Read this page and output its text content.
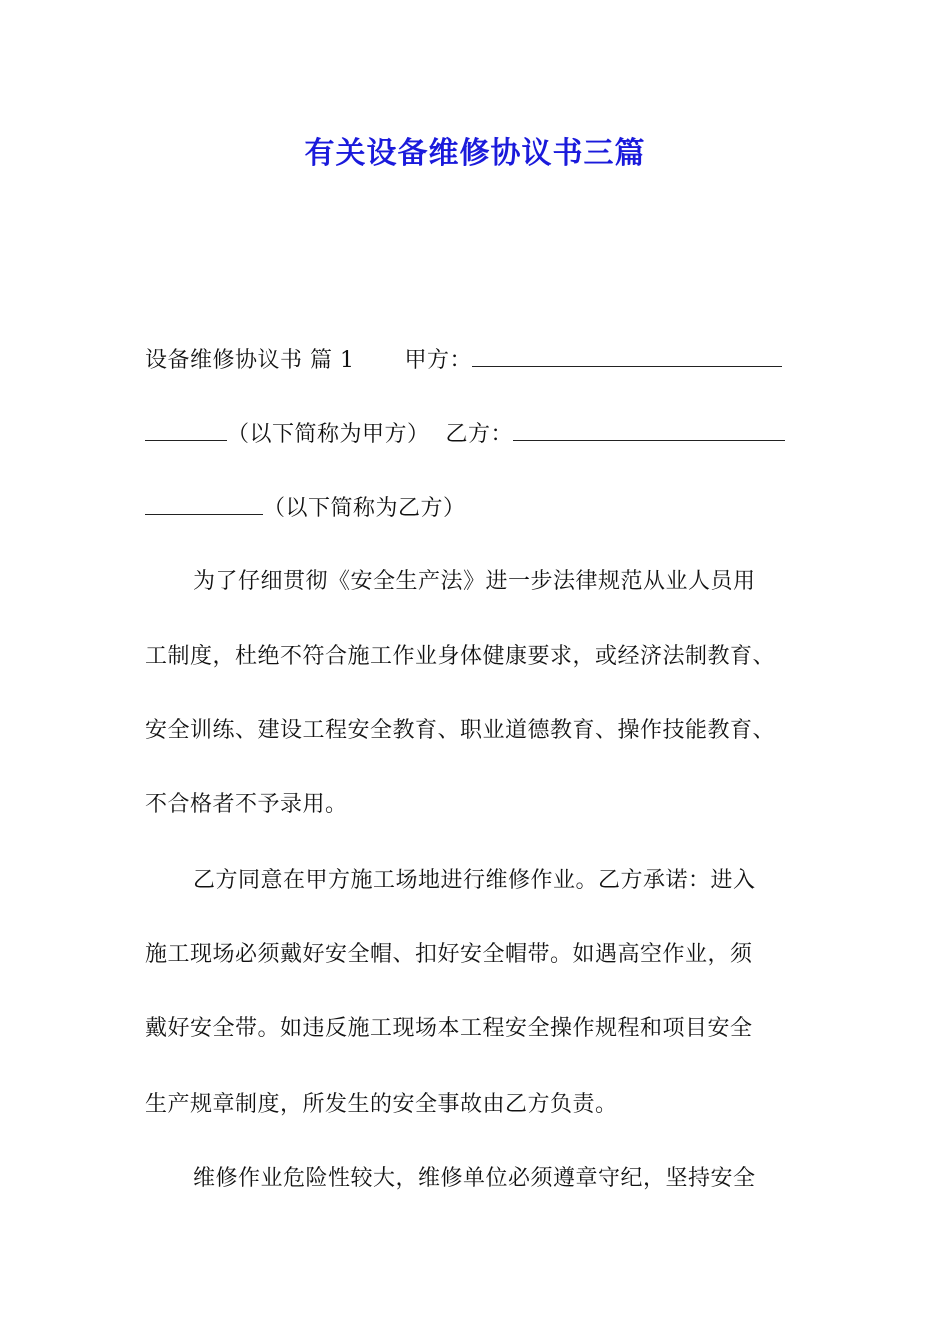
有关设备维修协议书三篇
设备维修协议书 篇 1 甲方：
（以下简称为甲方） 乙方：
（以下简称为乙方）
为了仔细贯彻《安全生产法》进一步法律规范从业人员用
工制度，杜绝不符合施工作业身体健康要求，或经济法制教育、
安全训练、建设工程安全教育、职业道德教育、操作技能教育、
不合格者不予录用。
乙方同意在甲方施工场地进行维修作业。乙方承诺：进入
施工现场必须戴好安全帽、扣好安全帽带。如遇高空作业，须
戴好安全带。如违反施工现场本工程安全操作规程和项目安全
生产规章制度，所发生的安全事故由乙方负责。
维修作业危险性较大，维修单位必须遵章守纪，坚持安全
